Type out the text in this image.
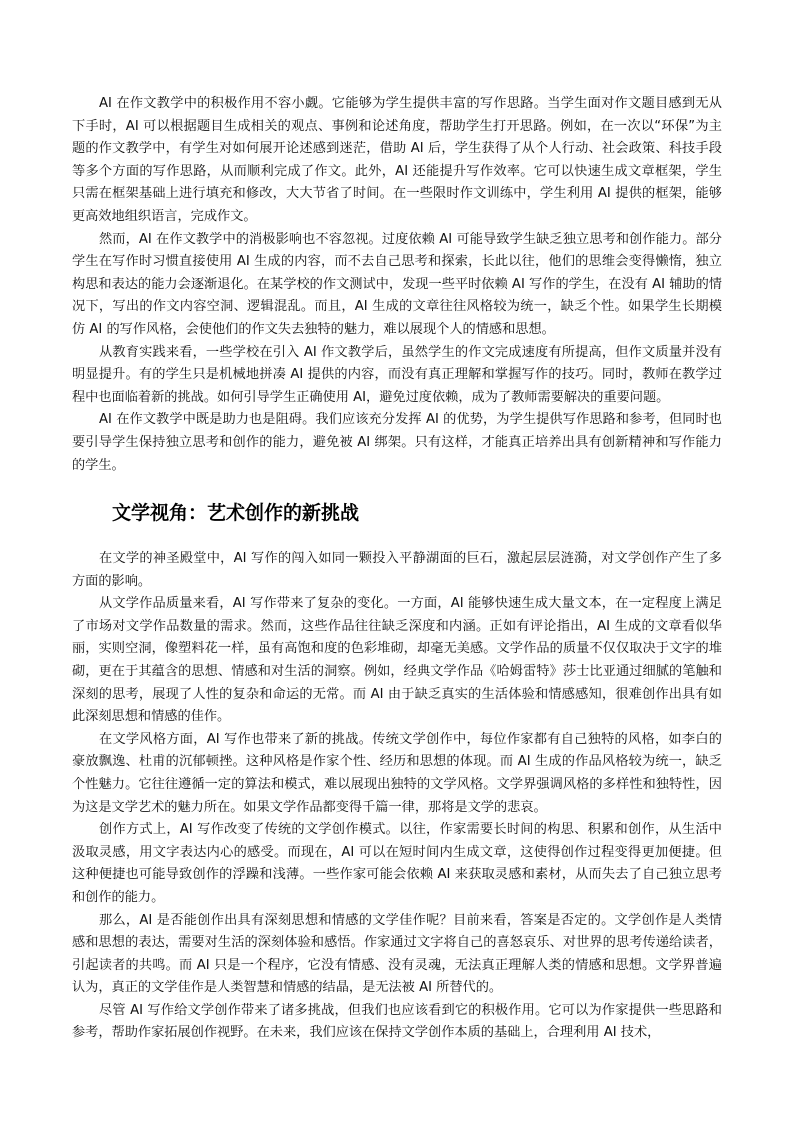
AI 在作文教学中的积极作用不容小觑。它能够为学生提供丰富的写作思路。当学生面对作文题目感到无从下手时，AI 可以根据题目生成相关的观点、事例和论述角度，帮助学生打开思路。例如，在一次以“环保”为主题的作文教学中，有学生对如何展开论述感到迷茫，借助 AI 后，学生获得了从个人行动、社会政策、科技手段等多个方面的写作思路，从而顺利完成了作文。此外，AI 还能提升写作效率。它可以快速生成文章框架，学生只需在框架基础上进行填充和修改，大大节省了时间。在一些限时作文训练中，学生利用 AI 提供的框架，能够更高效地组织语言，完成作文。

然而，AI 在作文教学中的消极影响也不容忽视。过度依赖 AI 可能导致学生缺乏独立思考和创作能力。部分学生在写作时习惯直接使用 AI 生成的内容，而不去自己思考和探索，长此以往，他们的思维会变得懒惰，独立构思和表达的能力会逐渐退化。在某学校的作文测试中，发现一些平时依赖 AI 写作的学生，在没有 AI 辅助的情况下，写出的作文内容空洞、逻辑混乱。而且，AI 生成的文章往往风格较为统一，缺乏个性。如果学生长期模仿 AI 的写作风格，会使他们的作文失去独特的魅力，难以展现个人的情感和思想。

从教育实践来看，一些学校在引入 AI 作文教学后，虽然学生的作文完成速度有所提高，但作文质量并没有明显提升。有的学生只是机械地拼凑 AI 提供的内容，而没有真正理解和掌握写作的技巧。同时，教师在教学过程中也面临着新的挑战。如何引导学生正确使用 AI，避免过度依赖，成为了教师需要解决的重要问题。

AI 在作文教学中既是助力也是阻碍。我们应该充分发挥 AI 的优势，为学生提供写作思路和参考，但同时也要引导学生保持独立思考和创作的能力，避免被 AI 绑架。只有这样，才能真正培养出具有创新精神和写作能力的学生。

文学视角：艺术创作的新挑战

在文学的神圣殿堂中，AI 写作的闯入如同一颗投入平静湖面的巨石，激起层层涟漪，对文学创作产生了多方面的影响。

从文学作品质量来看，AI 写作带来了复杂的变化。一方面，AI 能够快速生成大量文本，在一定程度上满足了市场对文学作品数量的需求。然而，这些作品往往缺乏深度和内涵。正如有评论指出，AI 生成的文章看似华丽，实则空洞，像塑料花一样，虽有高饱和度的色彩堆砌，却毫无美感。文学作品的质量不仅仅取决于文字的堆砌，更在于其蕴含的思想、情感和对生活的洞察。例如，经典文学作品《哈姆雷特》莎士比亚通过细腻的笔触和深刻的思考，展现了人性的复杂和命运的无常。而 AI 由于缺乏真实的生活体验和情感感知，很难创作出具有如此深刻思想和情感的佳作。

在文学风格方面，AI 写作也带来了新的挑战。传统文学创作中，每位作家都有自己独特的风格，如李白的豪放飘逸、杜甫的沉郁顿挫。这种风格是作家个性、经历和思想的体现。而 AI 生成的作品风格较为统一，缺乏个性魅力。它往往遵循一定的算法和模式，难以展现出独特的文学风格。文学界强调风格的多样性和独特性，因为这是文学艺术的魅力所在。如果文学作品都变得千篇一律，那将是文学的悲哀。

创作方式上，AI 写作改变了传统的文学创作模式。以往，作家需要长时间的构思、积累和创作，从生活中汲取灵感，用文字表达内心的感受。而现在，AI 可以在短时间内生成文章，这使得创作过程变得更加便捷。但这种便捷也可能导致创作的浮躁和浅薄。一些作家可能会依赖 AI 来获取灵感和素材，从而失去了自己独立思考和创作的能力。

那么，AI 是否能创作出具有深刻思想和情感的文学佳作呢？目前来看，答案是否定的。文学创作是人类情感和思想的表达，需要对生活的深刻体验和感悟。作家通过文字将自己的喜怒哀乐、对世界的思考传递给读者，引起读者的共鸣。而 AI 只是一个程序，它没有情感、没有灵魂，无法真正理解人类的情感和思想。文学界普遍认为，真正的文学佳作是人类智慧和情感的结晶，是无法被 AI 所替代的。

尽管 AI 写作给文学创作带来了诸多挑战，但我们也应该看到它的积极作用。它可以为作家提供一些思路和参考，帮助作家拓展创作视野。在未来，我们应该在保持文学创作本质的基础上，合理利用 AI 技术，
